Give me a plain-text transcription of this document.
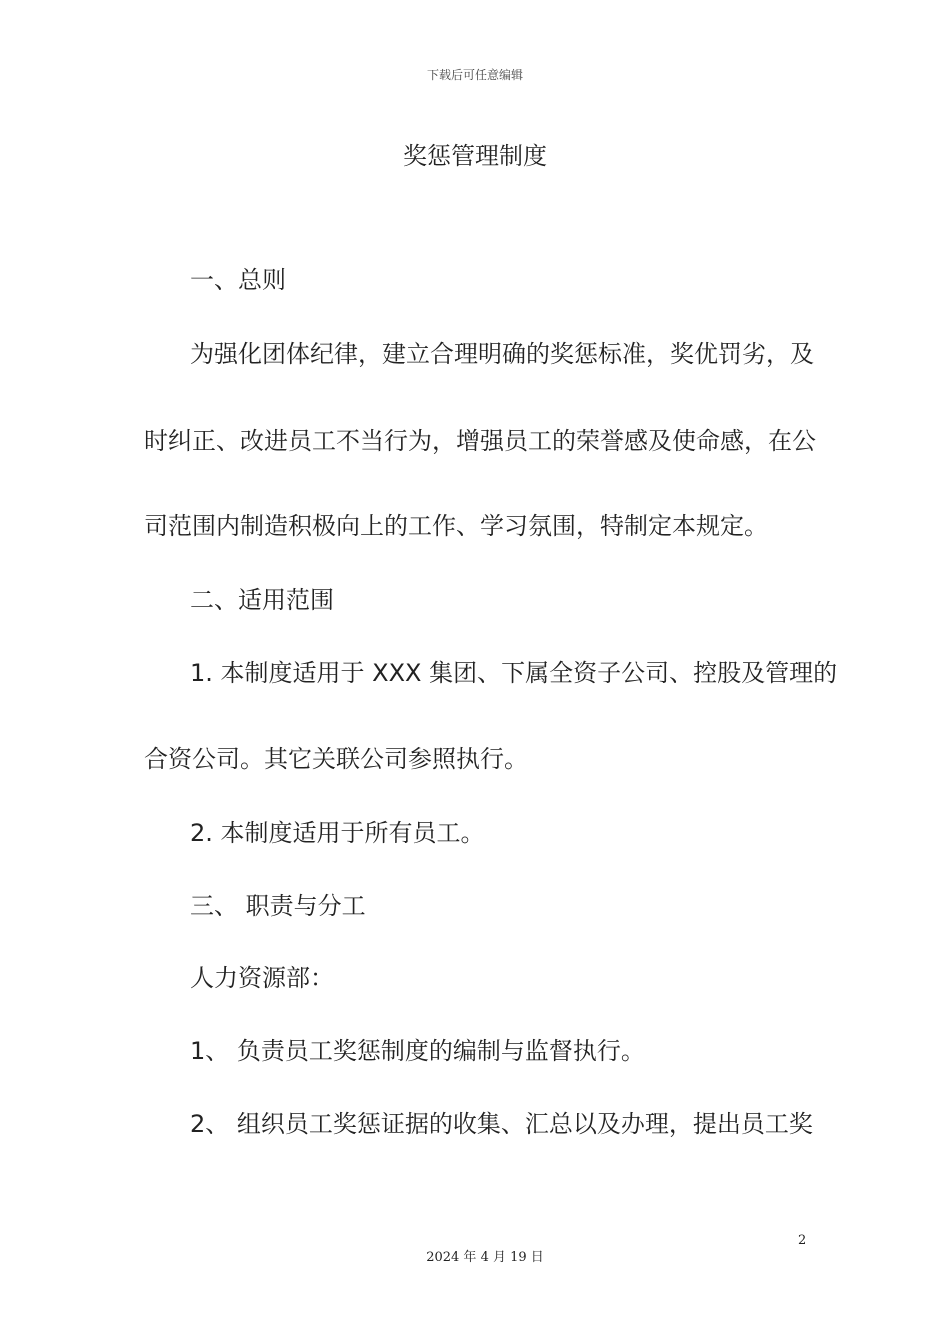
下载后可任意编辑
奖惩管理制度
一、总则
为强化团体纪律，建立合理明确的奖惩标准，奖优罚劣，及
时纠正、改进员工不当行为，增强员工的荣誉感及使命感，在公
司范围内制造积极向上的工作、学习氛围，特制定本规定。
二、适用范围
1. 本制度适用于 XXX 集团、下属全资子公司、控股及管理的
合资公司。其它关联公司参照执行。
2. 本制度适用于所有员工。
三、 职责与分工
人力资源部：
1、 负责员工奖惩制度的编制与监督执行。
2、 组织员工奖惩证据的收集、汇总以及办理，提出员工奖
2
2024 年 4 月 19 日
